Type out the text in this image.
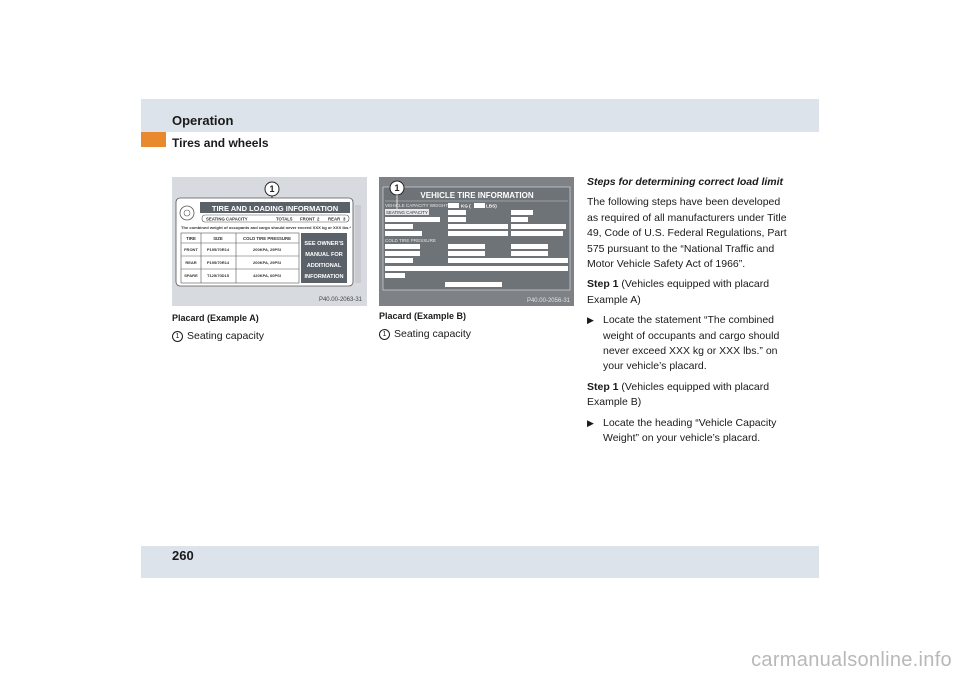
Operation
Tires and wheels
1
TIRE AND LOADING INFORMATION
SEATING CAPACITY	TOTAL 5 FRONT 2 REAR 3
The combined weight of occupants and cargo should never exceed XXX kg or XXX lbs.*
TIRE	SIZE	COLD TIRE PRESSURE
FRONT P195/70R14	200KPA, 29PSI
REAR	P195/70R14	200KPA, 29PSI
SPARE T125/70D15	420KPA, 60PSI
SEE OWNER'S
MANUAL FOR
ADDITIONAL
INFORMATION
P40.00-2063-31
Placard (Example A)
1 Seating capacity
VEHICLE TIRE INFORMATION
1
VEHICLE CAPACITY WEIGHT	KG (	LBS)
SEATING CAPACITY
COLD TIRE PRESSURE
P40.00-2056-31
Placard (Example B)
1 Seating capacity

Steps for determining correct load limit

The following steps have been developed as required of all manufacturers under Title 49, Code of U.S. Federal Regulations, Part 575 pursuant to the “National Traffic and Motor Vehicle Safety Act of 1966”.

Step 1 (Vehicles equipped with placard Example A)

▶ Locate the statement “The combined weight of occupants and cargo should never exceed XXX kg or XXX lbs.” on your vehicle’s placard.

Step 1 (Vehicles equipped with placard Example B)

▶ Locate the heading “Vehicle Capacity Weight” on your vehicle’s placard.
260
carmanualsonline.info
